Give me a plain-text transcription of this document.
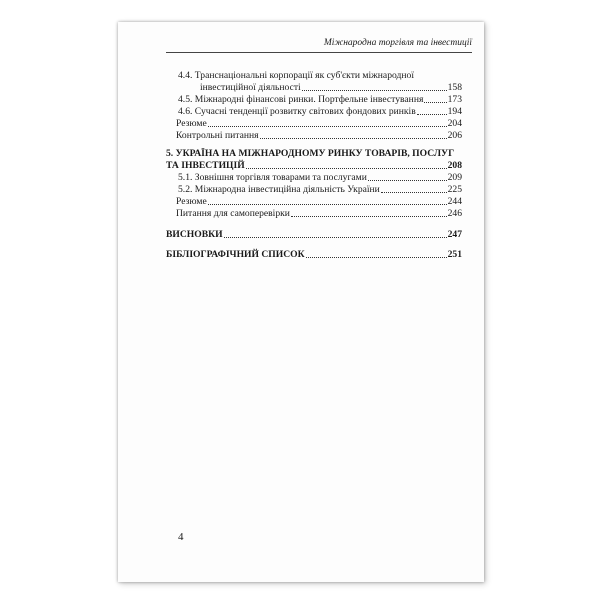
Міжнародна торгівля та інвестиції
4.4. Транснаціональні корпорації як суб'єкти міжнародної
інвестиційної діяльності	158
4.5. Міжнародні фінансові ринки. Портфельне інвестування	173
4.6. Сучасні тенденції розвитку світових фондових ринків	194
Резюме	204
Контрольні питання	206
5. УКРАЇНА НА МІЖНАРОДНОМУ РИНКУ ТОВАРІВ, ПОСЛУГ
ТА ІНВЕСТИЦІЙ	208
5.1. Зовнішня торгівля товарами та послугами	209
5.2. Міжнародна інвестиційна діяльність України	225
Резюме	244
Питання для самоперевірки	246
ВИСНОВКИ	247
БІБЛІОГРАФІЧНИЙ СПИСОК	251
4
